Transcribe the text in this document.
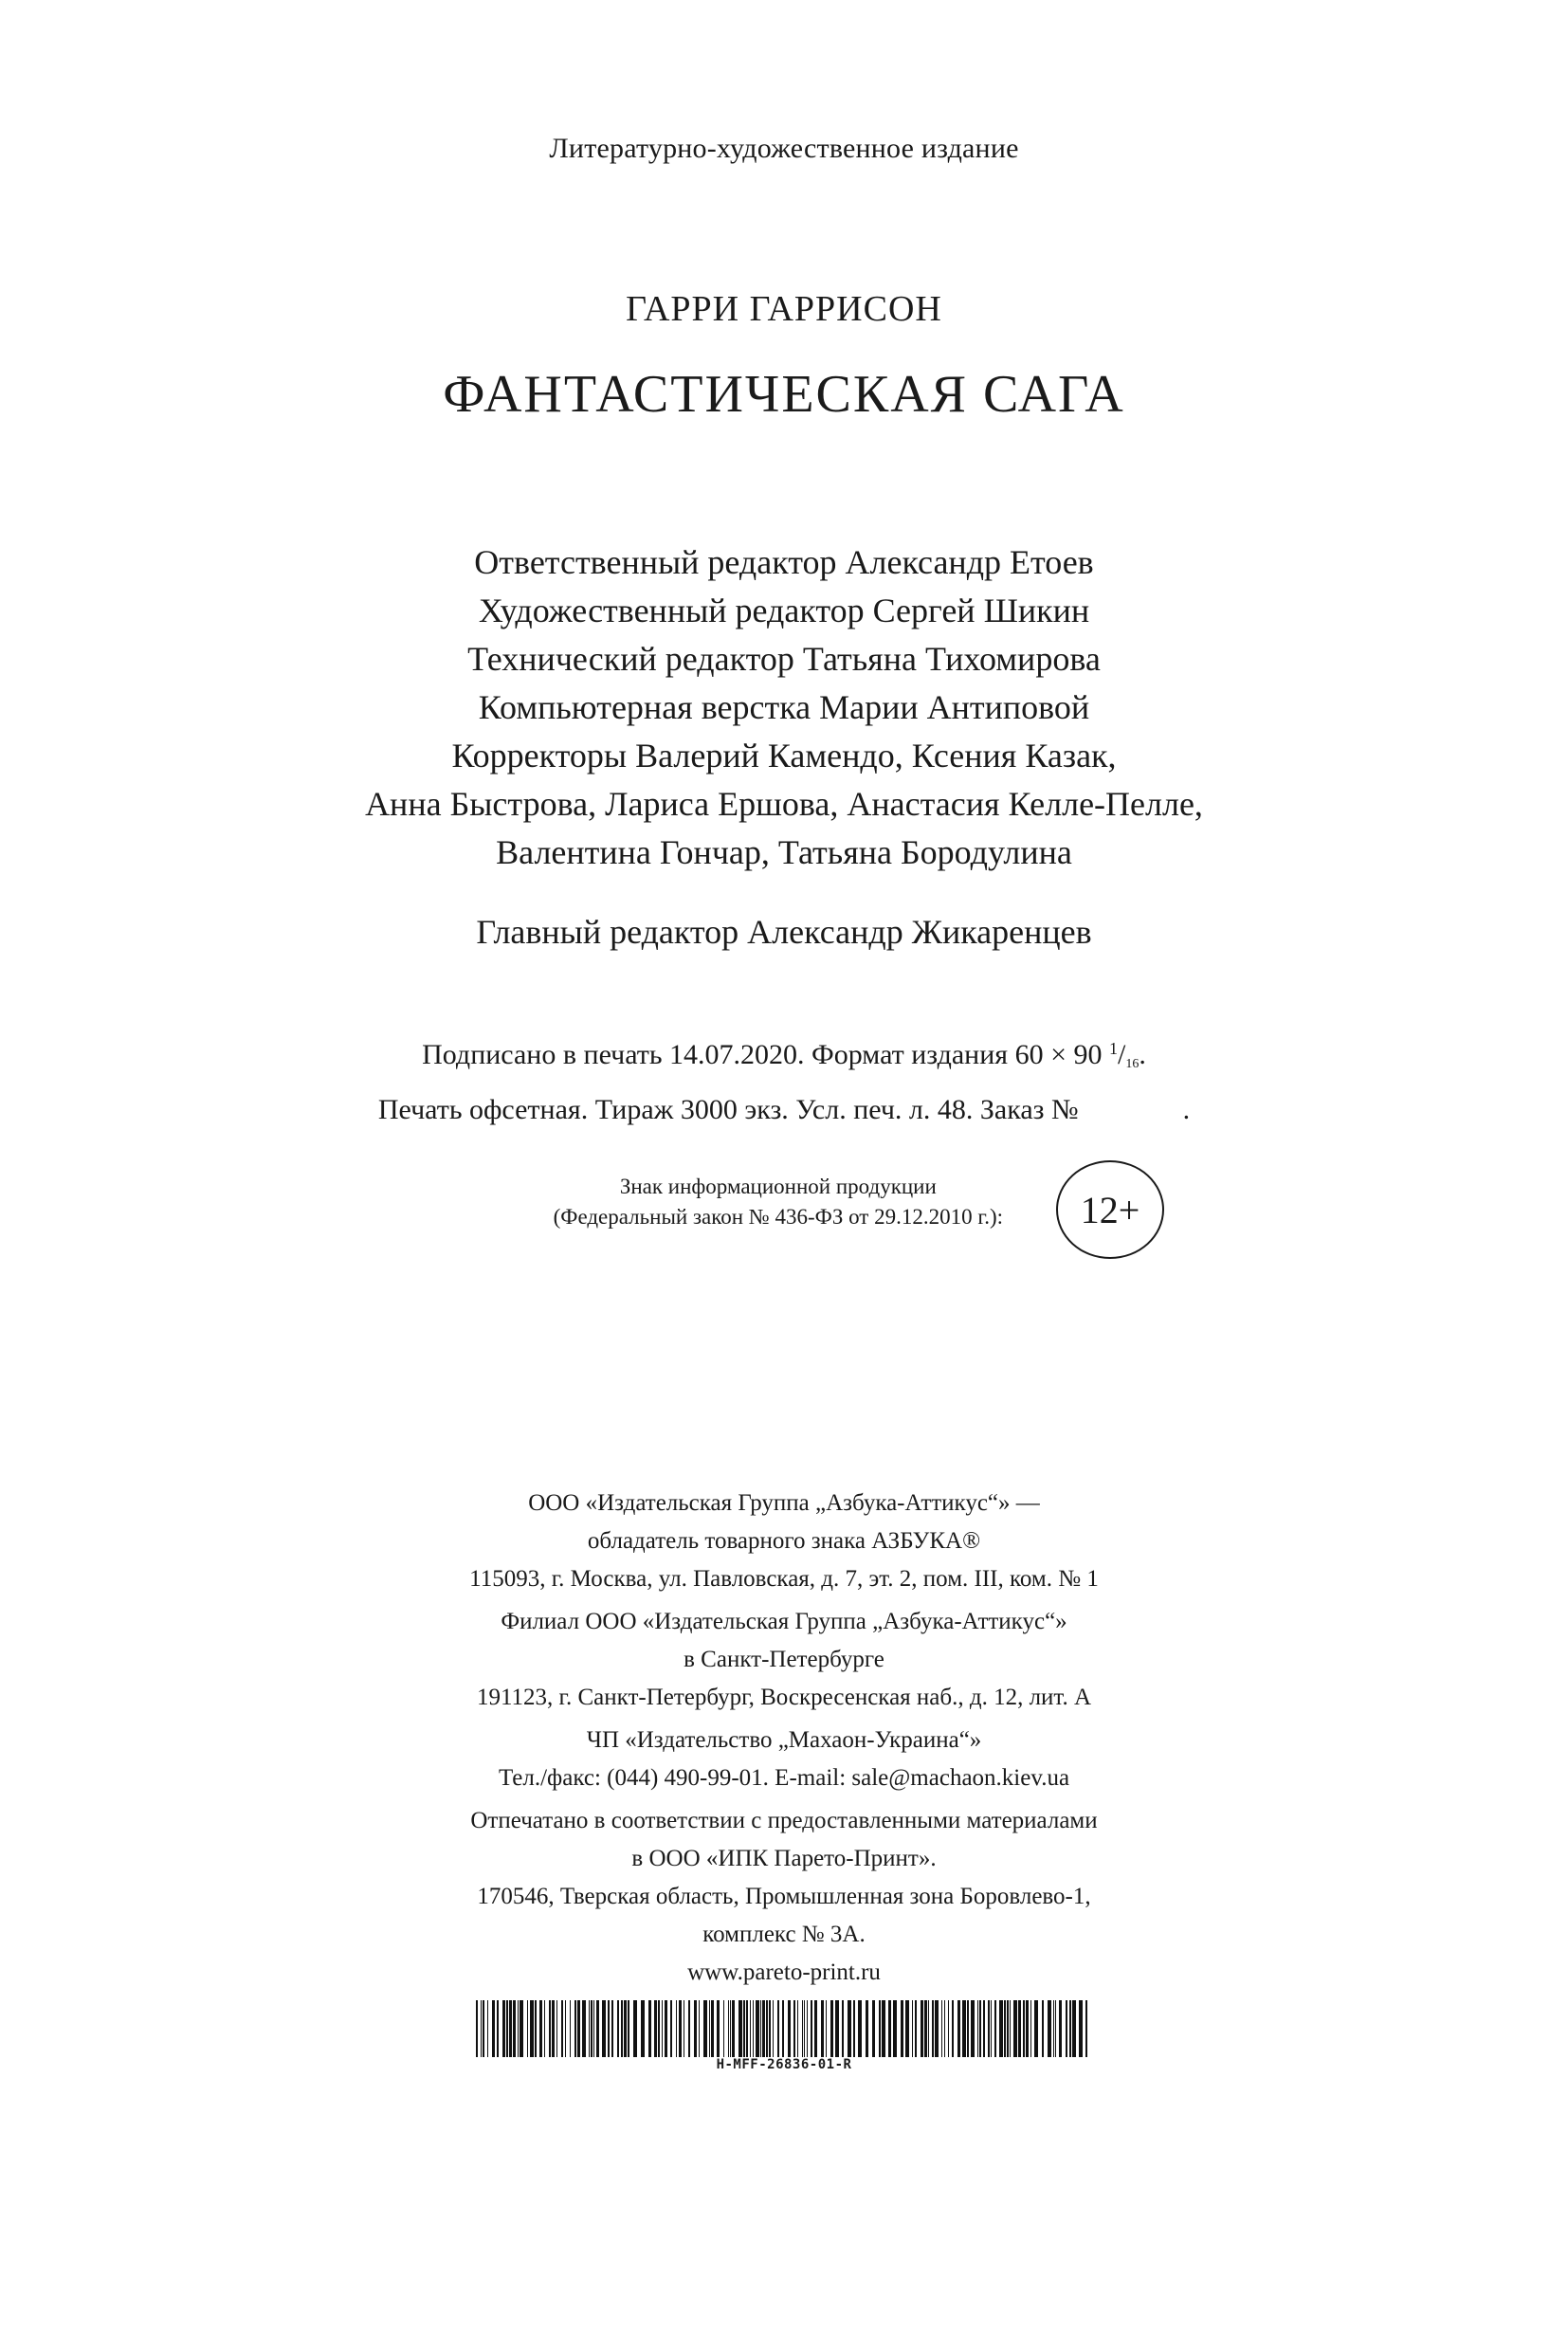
Литературно-художественное издание
ГАРРИ ГАРРИСОН
ФАНТАСТИЧЕСКАЯ САГА
Ответственный редактор Александр Етоев
Художественный редактор Сергей Шикин
Технический редактор Татьяна Тихомирова
Компьютерная верстка Марии Антиповой
Корректоры Валерий Камендо, Ксения Казак,
Анна Быстрова, Лариса Ершова, Анастасия Келле-Пелле,
Валентина Гончар, Татьяна Бородулина
Главный редактор Александр Жикаренцев
Подписано в печать 14.07.2020. Формат издания 60 × 90 $^1/_{16}$.
Печать офсетная. Тираж 3000 экз. Усл. печ. л. 48. Заказ №	.
Знак информационной продукции
(Федеральный закон № 436-ФЗ от 29.12.2010 г.):	12+
ООО «Издательская Группа „Азбука-Аттикус“» —
обладатель товарного знака АЗБУКА®
115093, г. Москва, ул. Павловская, д. 7, эт. 2, пом. III, ком. № 1
Филиал ООО «Издательская Группа „Азбука-Аттикус“»
в Санкт-Петербурге
191123, г. Санкт-Петербург, Воскресенская наб., д. 12, лит. А
ЧП «Издательство „Махаон-Украина“»
Тел./факс: (044) 490-99-01. E-mail: sale@machaon.kiev.ua
Отпечатано в соответствии с предоставленными материалами
в ООО «ИПК Парето-Принт».
170546, Тверская область, Промышленная зона Боровлево-1,
комплекс № 3А.
www.pareto-print.ru
H-MFF-26836-01-R
